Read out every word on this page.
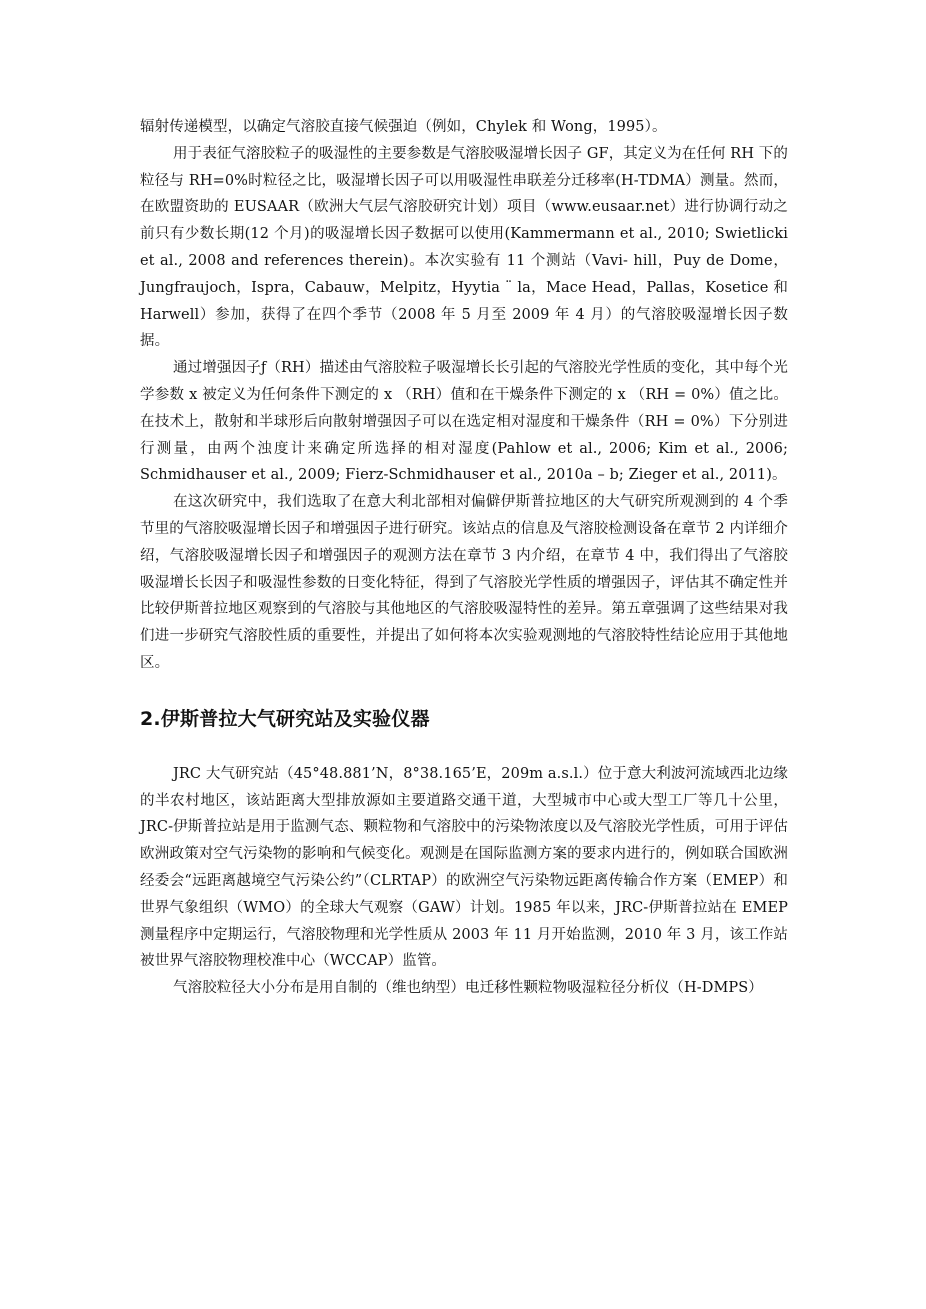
辐射传递模型，以确定气溶胶直接气候强迫（例如，Chylek 和 Wong，1995）。

用于表征气溶胶粒子的吸湿性的主要参数是气溶胶吸湿增长因子 GF，其定义为在任何 RH 下的粒径与 RH=0%时粒径之比，吸湿增长因子可以用吸湿性串联差分迁移率(H-TDMA）测量。然而，在欧盟资助的 EUSAAR（欧洲大气层气溶胶研究计划）项目（www.eusaar.net）进行协调行动之前只有少数长期(12 个月)的吸湿增长因子数据可以使用(Kammermann et al., 2010; Swietlicki et al., 2008 and references therein)。本次实验有 11 个测站（Vavi- hill，Puy de Dome，Jungfraujoch，Ispra，Cabauw，Melpitz，Hyytia ¨ la，Mace Head，Pallas，Kosetice 和 Harwell）参加，获得了在四个季节（2008 年 5 月至 2009 年 4 月）的气溶胶吸湿增长因子数据。

通过增强因子ƒ（RH）描述由气溶胶粒子吸湿增长长引起的气溶胶光学性质的变化，其中每个光学参数 x 被定义为任何条件下测定的 x （RH）值和在干燥条件下测定的 x （RH = 0%）值之比。在技术上，散射和半球形后向散射增强因子可以在选定相对湿度和干燥条件（RH = 0%）下分别进行测量，由两个浊度计来确定所选择的相对湿度(Pahlow et al., 2006; Kim et al., 2006; Schmidhauser et al., 2009; Fierz-Schmidhauser et al., 2010a – b; Zieger et al., 2011)。

在这次研究中，我们选取了在意大利北部相对偏僻伊斯普拉地区的大气研究所观测到的 4 个季节里的气溶胶吸湿增长因子和增强因子进行研究。该站点的信息及气溶胶检测设备在章节 2 内详细介绍，气溶胶吸湿增长因子和增强因子的观测方法在章节 3 内介绍，在章节 4 中，我们得出了气溶胶吸湿增长长因子和吸湿性参数的日变化特征，得到了气溶胶光学性质的增强因子，评估其不确定性并比较伊斯普拉地区观察到的气溶胶与其他地区的气溶胶吸湿特性的差异。第五章强调了这些结果对我们进一步研究气溶胶性质的重要性，并提出了如何将本次实验观测地的气溶胶特性结论应用于其他地区。

2.伊斯普拉大气研究站及实验仪器

JRC 大气研究站（45°48.881’N，8°38.165’E，209m a.s.l.）位于意大利波河流域西北边缘的半农村地区，该站距离大型排放源如主要道路交通干道，大型城市中心或大型工厂等几十公里，JRC-伊斯普拉站是用于监测气态、颗粒物和气溶胶中的污染物浓度以及气溶胶光学性质，可用于评估欧洲政策对空气污染物的影响和气候变化。观测是在国际监测方案的要求内进行的，例如联合国欧洲经委会“远距离越境空气污染公约”（CLRTAP）的欧洲空气污染物远距离传输合作方案（EMEP）和 世界气象组织（WMO）的全球大气观察（GAW）计划。1985 年以来，JRC-伊斯普拉站在 EMEP 测量程序中定期运行，气溶胶物理和光学性质从 2003 年 11 月开始监测，2010 年 3 月，该工作站被世界气溶胶物理校准中心（WCCAP）监管。

气溶胶粒径大小分布是用自制的（维也纳型）电迁移性颗粒物吸湿粒径分析仪（H-DMPS）
